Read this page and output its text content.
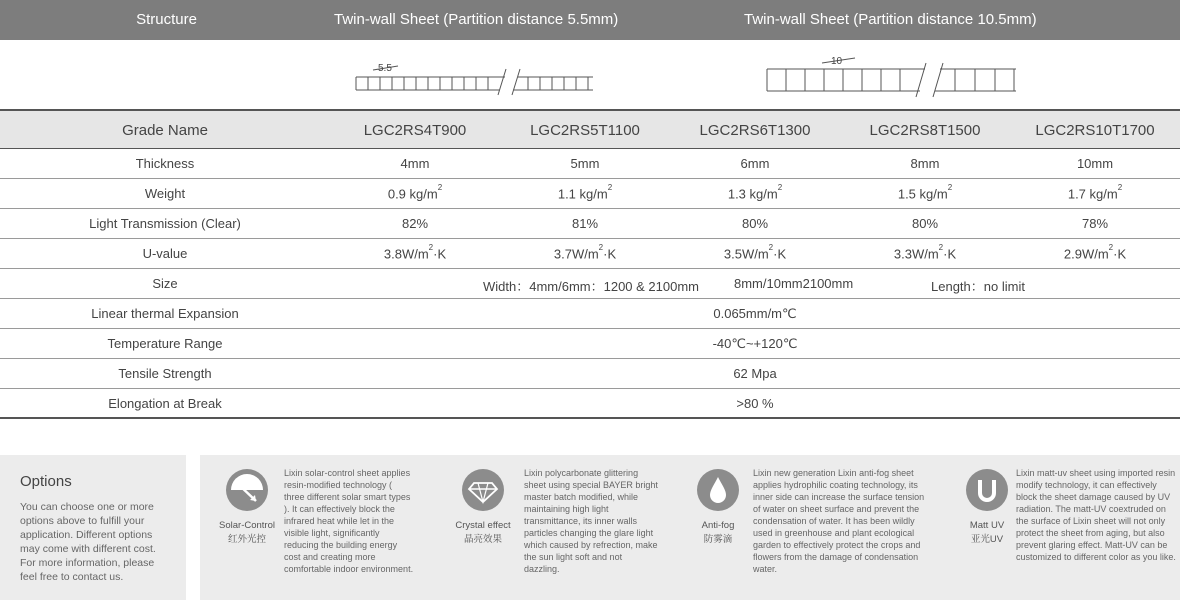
Structure	Twin-wall Sheet (Partition distance 5.5mm)	Twin-wall Sheet (Partition distance 10.5mm)
5.5
10
Grade Name	LGC2RS4T900	LGC2RS5T1100	LGC2RS6T1300	LGC2RS8T1500	LGC2RS10T1700
Thickness	4mm	5mm	6mm	8mm	10mm
Weight	0.9 $kg/m^2$	1.1 $kg/m^2$	1.3 $kg/m^2$	1.5 $kg/m^2$	1.7 $kg/m^2$
Light Transmission (Clear)	82%	81%	80%	80%	78%
U-value	$3.8W/m^2\cdot K$	$3.7W/m^2\cdot K$	$3.5W/m^2\cdot K$	$3.3W/m^2\cdot K$	$2.9W/m^2\cdot K$
Size	Width：4mm/6mm：1200 & 2100mm	8mm/10mm2100mm	Length：no limit
Linear thermal Expansion	0.065mm/m℃
Temperature Range	-40℃~+120℃
Tensile Strength	62 Mpa
Elongation at Break	>80 %
Options
You can choose one or more options above to fulfill your application. Different options may come with different cost. For more information, please feel free to contact us.
Solar-Control
红外光控
Lixin solar-control sheet applies resin-modified technology ( three different solar smart types ). It can effectively block the infrared heat while let in the visible light, significantly reducing the building energy cost and creating more comfortable indoor environment.
Crystal effect
晶亮效果
Lixin polycarbonate glittering sheet using special BAYER bright master batch modified, while maintaining high light transmittance, its inner walls particles changing the glare light which caused by refrection, make the sun light soft and not dazzling.
Anti-fog
防雾滴
Lixin new generation Lixin anti-fog sheet applies hydrophilic coating technology, its inner side can increase the surface tension of water on sheet surface and prevent the condensation of water. It has been wildly used in greenhouse and plant ecological garden to effectively protect the crops and flowers from the damage of condensation water.
Matt UV
亚光UV
Lixin matt-uv sheet using imported resin modify technology, it can effectively block the sheet damage caused by UV radiation. The matt-UV coextruded on the surface of Lixin sheet will not only protect the sheet from aging, but also prevent glaring effect. Matt-UV can be customized to different color as you like.
